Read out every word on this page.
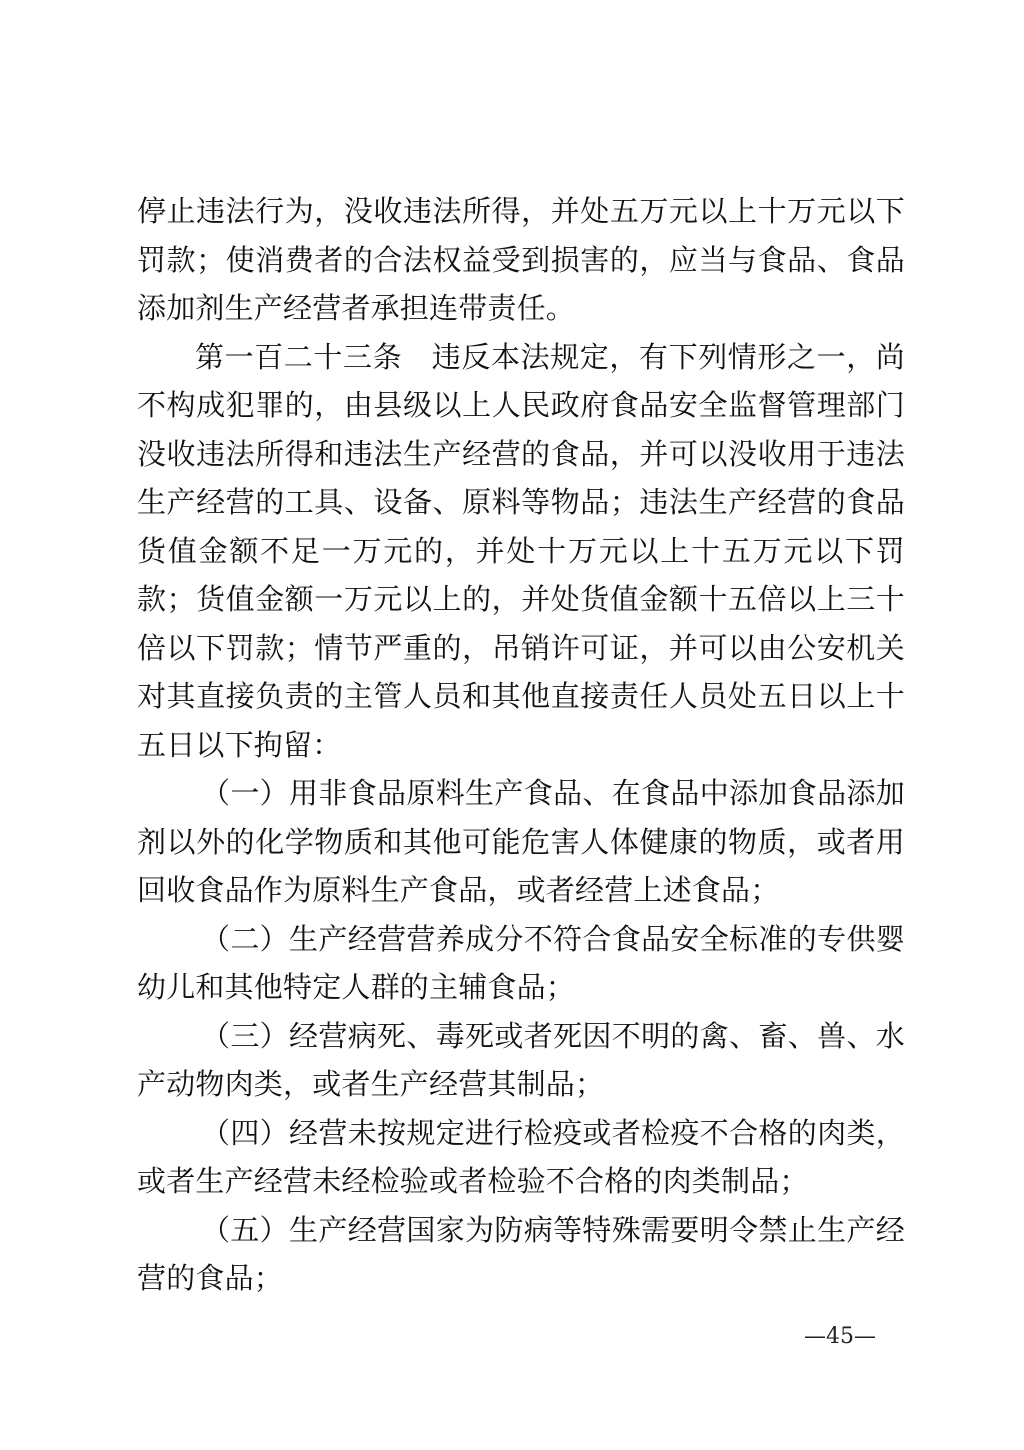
停止违法行为，没收违法所得，并处五万元以上十万元以下罚款；使消费者的合法权益受到损害的，应当与食品、食品添加剂生产经营者承担连带责任。

第一百二十三条　违反本法规定，有下列情形之一，尚不构成犯罪的，由县级以上人民政府食品安全监督管理部门没收违法所得和违法生产经营的食品，并可以没收用于违法生产经营的工具、设备、原料等物品；违法生产经营的食品货值金额不足一万元的，并处十万元以上十五万元以下罚款；货值金额一万元以上的，并处货值金额十五倍以上三十倍以下罚款；情节严重的，吊销许可证，并可以由公安机关对其直接负责的主管人员和其他直接责任人员处五日以上十五日以下拘留：

（一）用非食品原料生产食品、在食品中添加食品添加剂以外的化学物质和其他可能危害人体健康的物质，或者用回收食品作为原料生产食品，或者经营上述食品；

（二）生产经营营养成分不符合食品安全标准的专供婴幼儿和其他特定人群的主辅食品；

（三）经营病死、毒死或者死因不明的禽、畜、兽、水产动物肉类，或者生产经营其制品；

（四）经营未按规定进行检疫或者检疫不合格的肉类，或者生产经营未经检验或者检验不合格的肉类制品；

（五）生产经营国家为防病等特殊需要明令禁止生产经营的食品；

—45—
